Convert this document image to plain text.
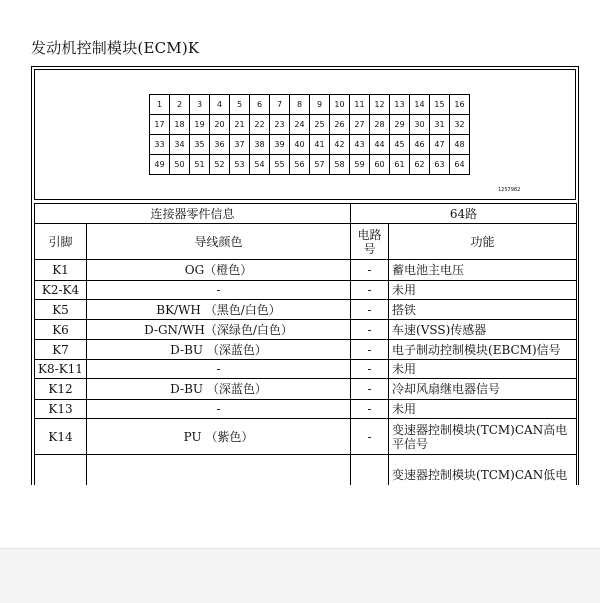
发动机控制模块(ECM)K
1	2	3	4	5	6	7	8	9	10	11	12	13	14	15	16
17	18	19	20	21	22	23	24	25	26	27	28	29	30	31	32
33	34	35	36	37	38	39	40	41	42	43	44	45	46	47	48
49	50	51	52	53	54	55	56	57	58	59	60	61	62	63	64
1257982
连接器零件信息		64路	
引脚	导线颜色	电路号	功能
K1	OG（橙色）	-	蓄电池主电压
K2-K4	-	-	未用
K5	BK/WH （黑色/白色）	-	搭铁
K6	D-GN/WH（深绿色/白色）	-	车速(VSS)传感器
K7	D-BU （深蓝色）	-	电子制动控制模块(EBCM)信号
K8-K11	-	-	未用
K12	D-BU （深蓝色）	-	冷却风扇继电器信号
K13	-	-	未用
K14	PU （紫色）	-	变速器控制模块(TCM)CAN高电平信号
			变速器控制模块(TCM)CAN低电
